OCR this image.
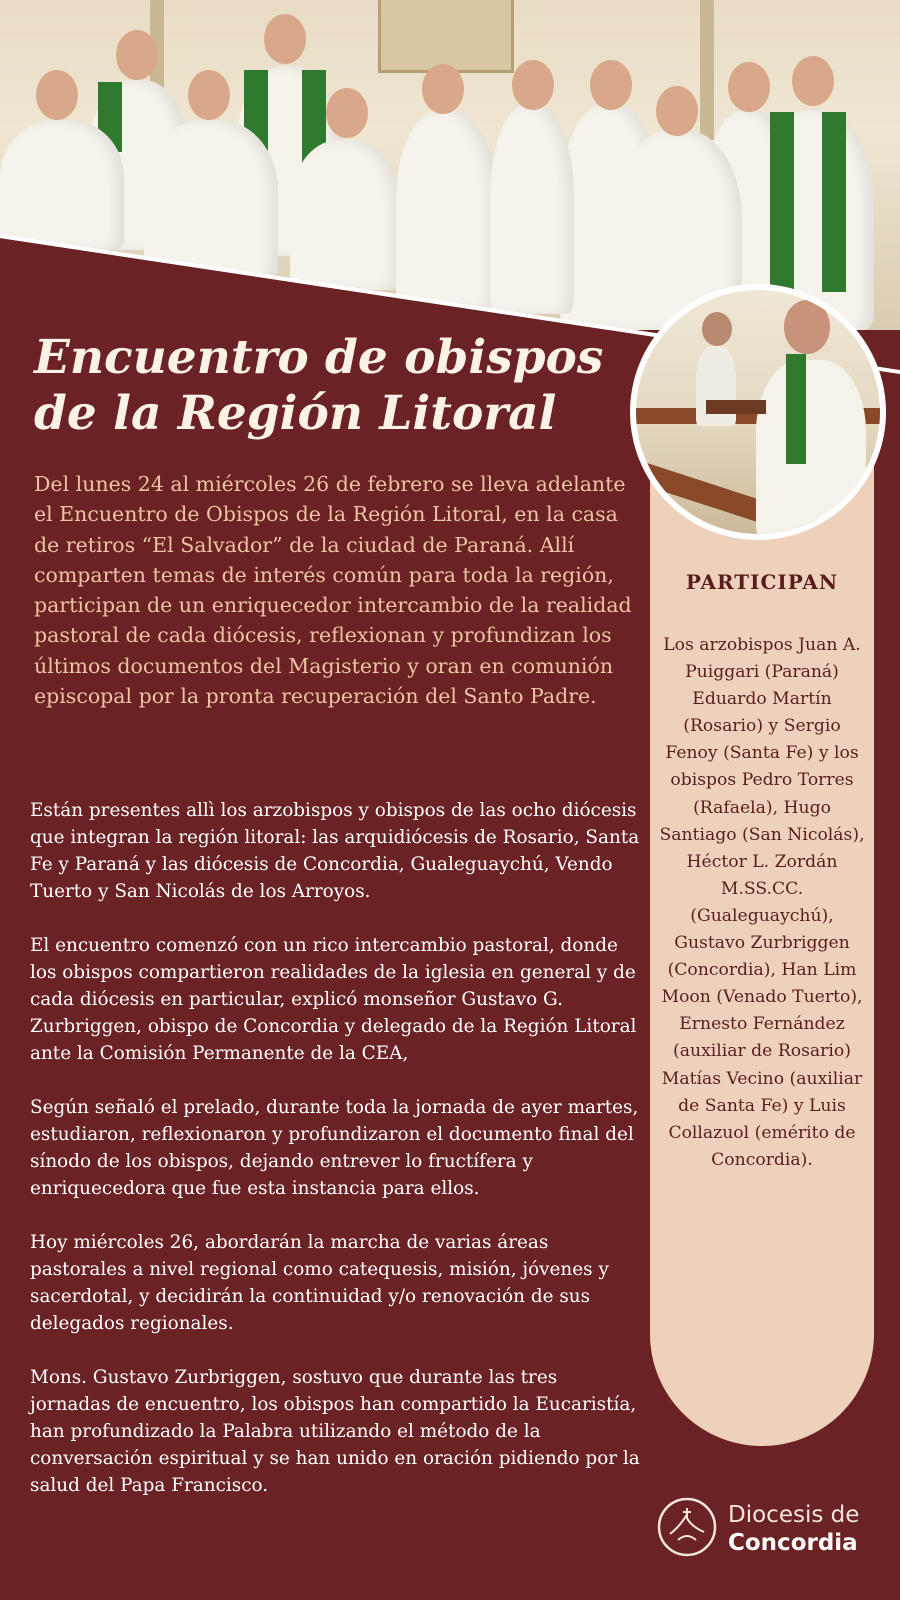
Encuentro de obispos
de la Región Litoral

Del lunes 24 al miércoles 26 de febrero se lleva adelante el Encuentro de Obispos de la Región Litoral, en la casa de retiros “El Salvador” de la ciudad de Paraná. Allí comparten temas de interés común para toda la región, participan de un enriquecedor intercambio de la realidad pastoral de cada diócesis, reflexionan y profundizan los últimos documentos del Magisterio y oran en comunión episcopal por la pronta recuperación del Santo Padre.

Están presentes allì los arzobispos y obispos de las ocho diócesis que integran la región litoral: las arquidiócesis de Rosario, Santa Fe y Paraná y las diócesis de Concordia, Gualeguaychú, Vendo Tuerto y San Nicolás de los Arroyos.

El encuentro comenzó con un rico intercambio pastoral, donde los obispos compartieron realidades de la iglesia en general y de cada diócesis en particular, explicó monseñor Gustavo G. Zurbriggen, obispo de Concordia y delegado de la Región Litoral ante la Comisión Permanente de la CEA,

Según señaló el prelado, durante toda la jornada de ayer martes, estudiaron, reflexionaron y profundizaron el documento final del sínodo de los obispos, dejando entrever lo fructífera y enriquecedora que fue esta instancia para ellos.

Hoy miércoles 26, abordarán la marcha de varias áreas pastorales a nivel regional como catequesis, misión, jóvenes y sacerdotal, y decidirán la continuidad y/o renovación de sus delegados regionales.

Mons. Gustavo Zurbriggen, sostuvo que durante las tres jornadas de encuentro, los obispos han compartido la Eucaristía, han profundizado la Palabra utilizando el método de la conversación espiritual y se han unido en oración pidiendo por la salud del Papa Francisco.

PARTICIPAN
Los arzobispos Juan A. Puiggari (Paraná) Eduardo Martín (Rosario) y Sergio Fenoy (Santa Fe) y los obispos Pedro Torres (Rafaela), Hugo Santiago (San Nicolás), Héctor L. Zordán M.SS.CC. (Gualeguaychú), Gustavo Zurbriggen (Concordia), Han Lim Moon (Venado Tuerto), Ernesto Fernández (auxiliar de Rosario) Matías Vecino (auxiliar de Santa Fe) y Luis Collazuol (emérito de Concordia).
Diocesis de
Concordia
